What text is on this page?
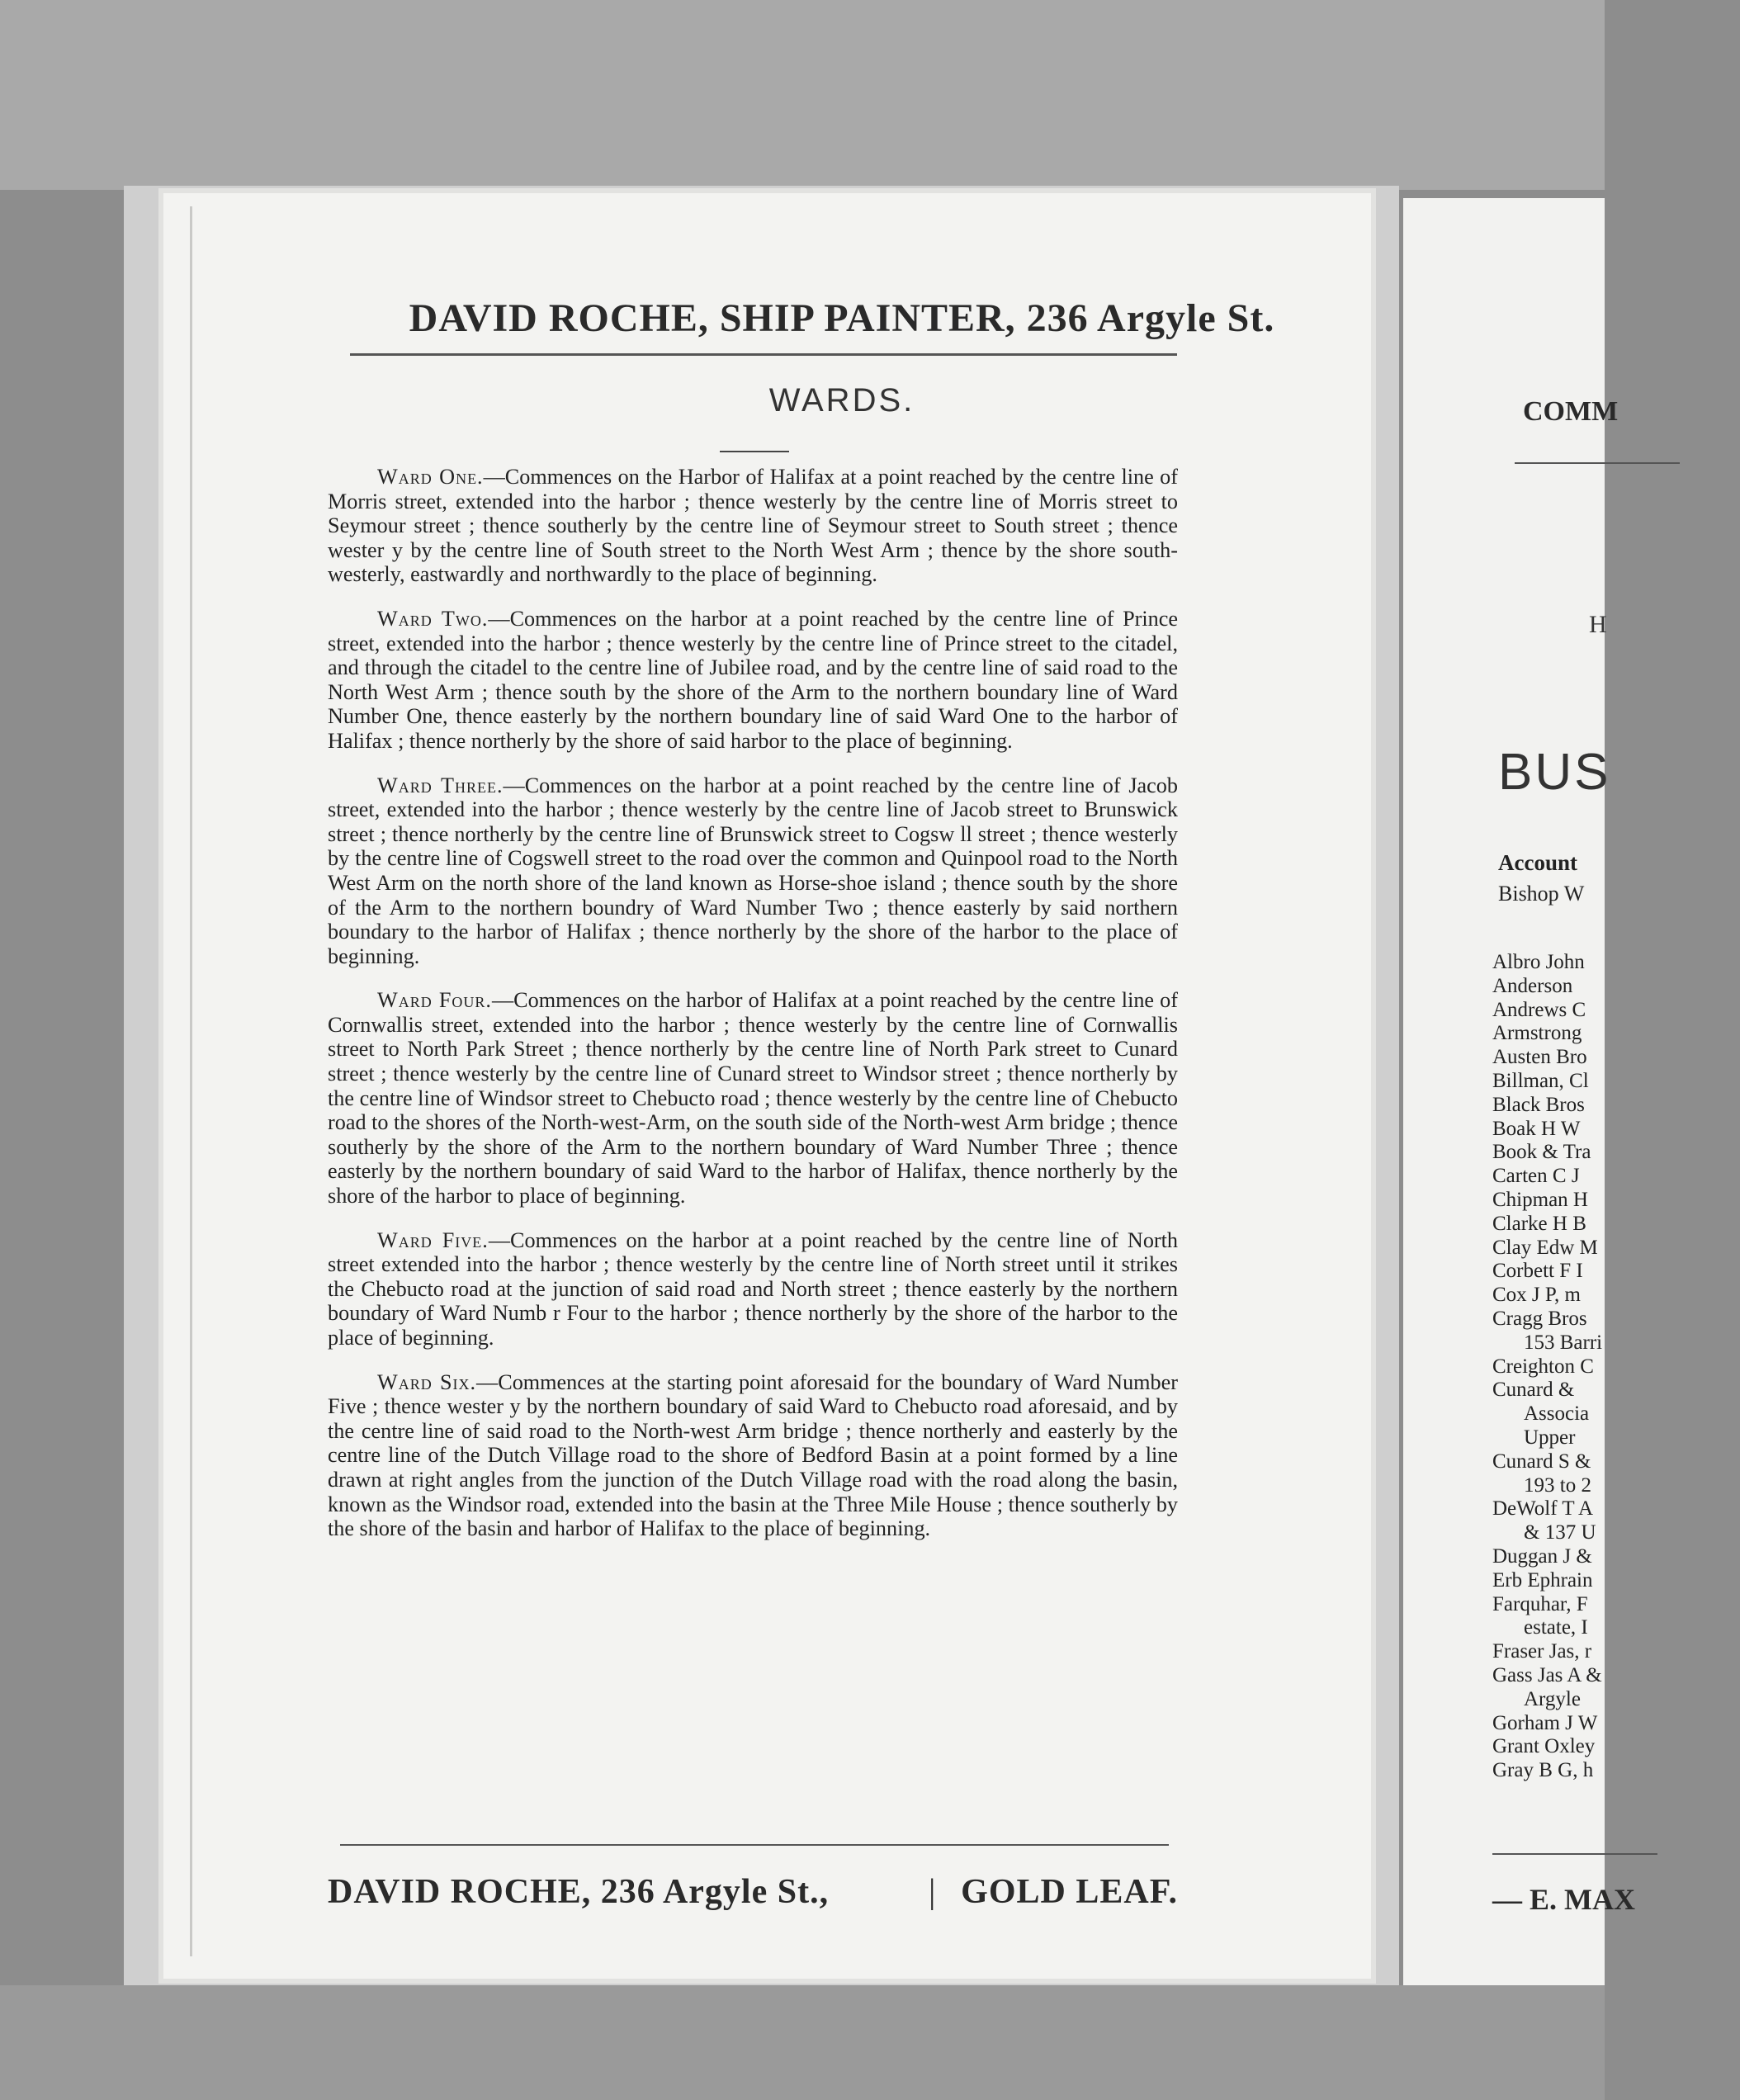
DAVID ROCHE, SHIP PAINTER, 236 Argyle St.
WARDS.

Ward One.—Commences on the Harbor of Halifax at a point reached by the centre line of Morris street, extended into the harbor ; thence westerly by the centre line of Morris street to Seymour street ; thence southerly by the centre line of Seymour street to South street ; thence wester y by the centre line of South street to the North West Arm ; thence by the shore south-westerly, eastwardly and northwardly to the place of beginning.

Ward Two.—Commences on the harbor at a point reached by the centre line of Prince street, extended into the harbor ; thence westerly by the centre line of Prince street to the citadel, and through the citadel to the centre line of Jubilee road, and by the centre line of said road to the North West Arm ; thence south by the shore of the Arm to the northern boundary line of Ward Number One, thence easterly by the northern boundary line of said Ward One to the harbor of Halifax ; thence northerly by the shore of said harbor to the place of beginning.

Ward Three.—Commences on the harbor at a point reached by the centre line of Jacob street, extended into the harbor ; thence westerly by the centre line of Jacob street to Brunswick street ; thence northerly by the centre line of Brunswick street to Cogsw ll street ; thence westerly by the centre line of Cogswell street to the road over the common and Quinpool road to the North West Arm on the north shore of the land known as Horse-shoe island ; thence south by the shore of the Arm to the northern boundry of Ward Number Two ; thence easterly by said northern boundary to the harbor of Halifax ; thence northerly by the shore of the harbor to the place of beginning.

Ward Four.—Commences on the harbor of Halifax at a point reached by the centre line of Cornwallis street, extended into the harbor ; thence westerly by the centre line of Cornwallis street to North Park Street ; thence northerly by the centre line of North Park street to Cunard street ; thence westerly by the centre line of Cunard street to Windsor street ; thence northerly by the centre line of Windsor street to Chebucto road ; thence westerly by the centre line of Chebucto road to the shores of the North-west-Arm, on the south side of the North-west Arm bridge ; thence southerly by the shore of the Arm to the northern boundary of Ward Number Three ; thence easterly by the northern boundary of said Ward to the harbor of Halifax, thence northerly by the shore of the harbor to place of beginning.

Ward Five.—Commences on the harbor at a point reached by the centre line of North street extended into the harbor ; thence westerly by the centre line of North street until it strikes the Chebucto road at the junction of said road and North street ; thence easterly by the northern boundary of Ward Numb r Four to the harbor ; thence northerly by the shore of the harbor to the place of beginning.

Ward Six.—Commences at the starting point aforesaid for the boundary of Ward Number Five ; thence wester y by the northern boundary of said Ward to Chebucto road aforesaid, and by the centre line of said road to the North-west Arm bridge ; thence northerly and easterly by the centre line of the Dutch Village road to the shore of Bedford Basin at a point formed by a line drawn at right angles from the junction of the Dutch Village road with the road along the basin, known as the Windsor road, extended into the basin at the Three Mile House ; thence southerly by the shore of the basin and harbor of Halifax to the place of beginning.

DAVID ROCHE, 236 Argyle St.,	| GOLD LEAF.
COMM
H
BUS
Account
Bishop W
Albro John
Anderson
Andrews C
Armstrong
Austen Bro
Billman, Cl
Black Bros
Boak H W
Book & Tra
Carten C J
Chipman H
Clarke H B
Clay Edw M
Corbett F I
Cox J P, m
Cragg Bros
153 Barri
Creighton C
Cunard &
Associa
Upper
Cunard S &
193 to 2
DeWolf T A
& 137 U
Duggan J &
Erb Ephrain
Farquhar, F
estate, I
Fraser Jas, r
Gass Jas A &
Argyle
Gorham J W
Grant Oxley
Gray B G, h
— E. MAX
